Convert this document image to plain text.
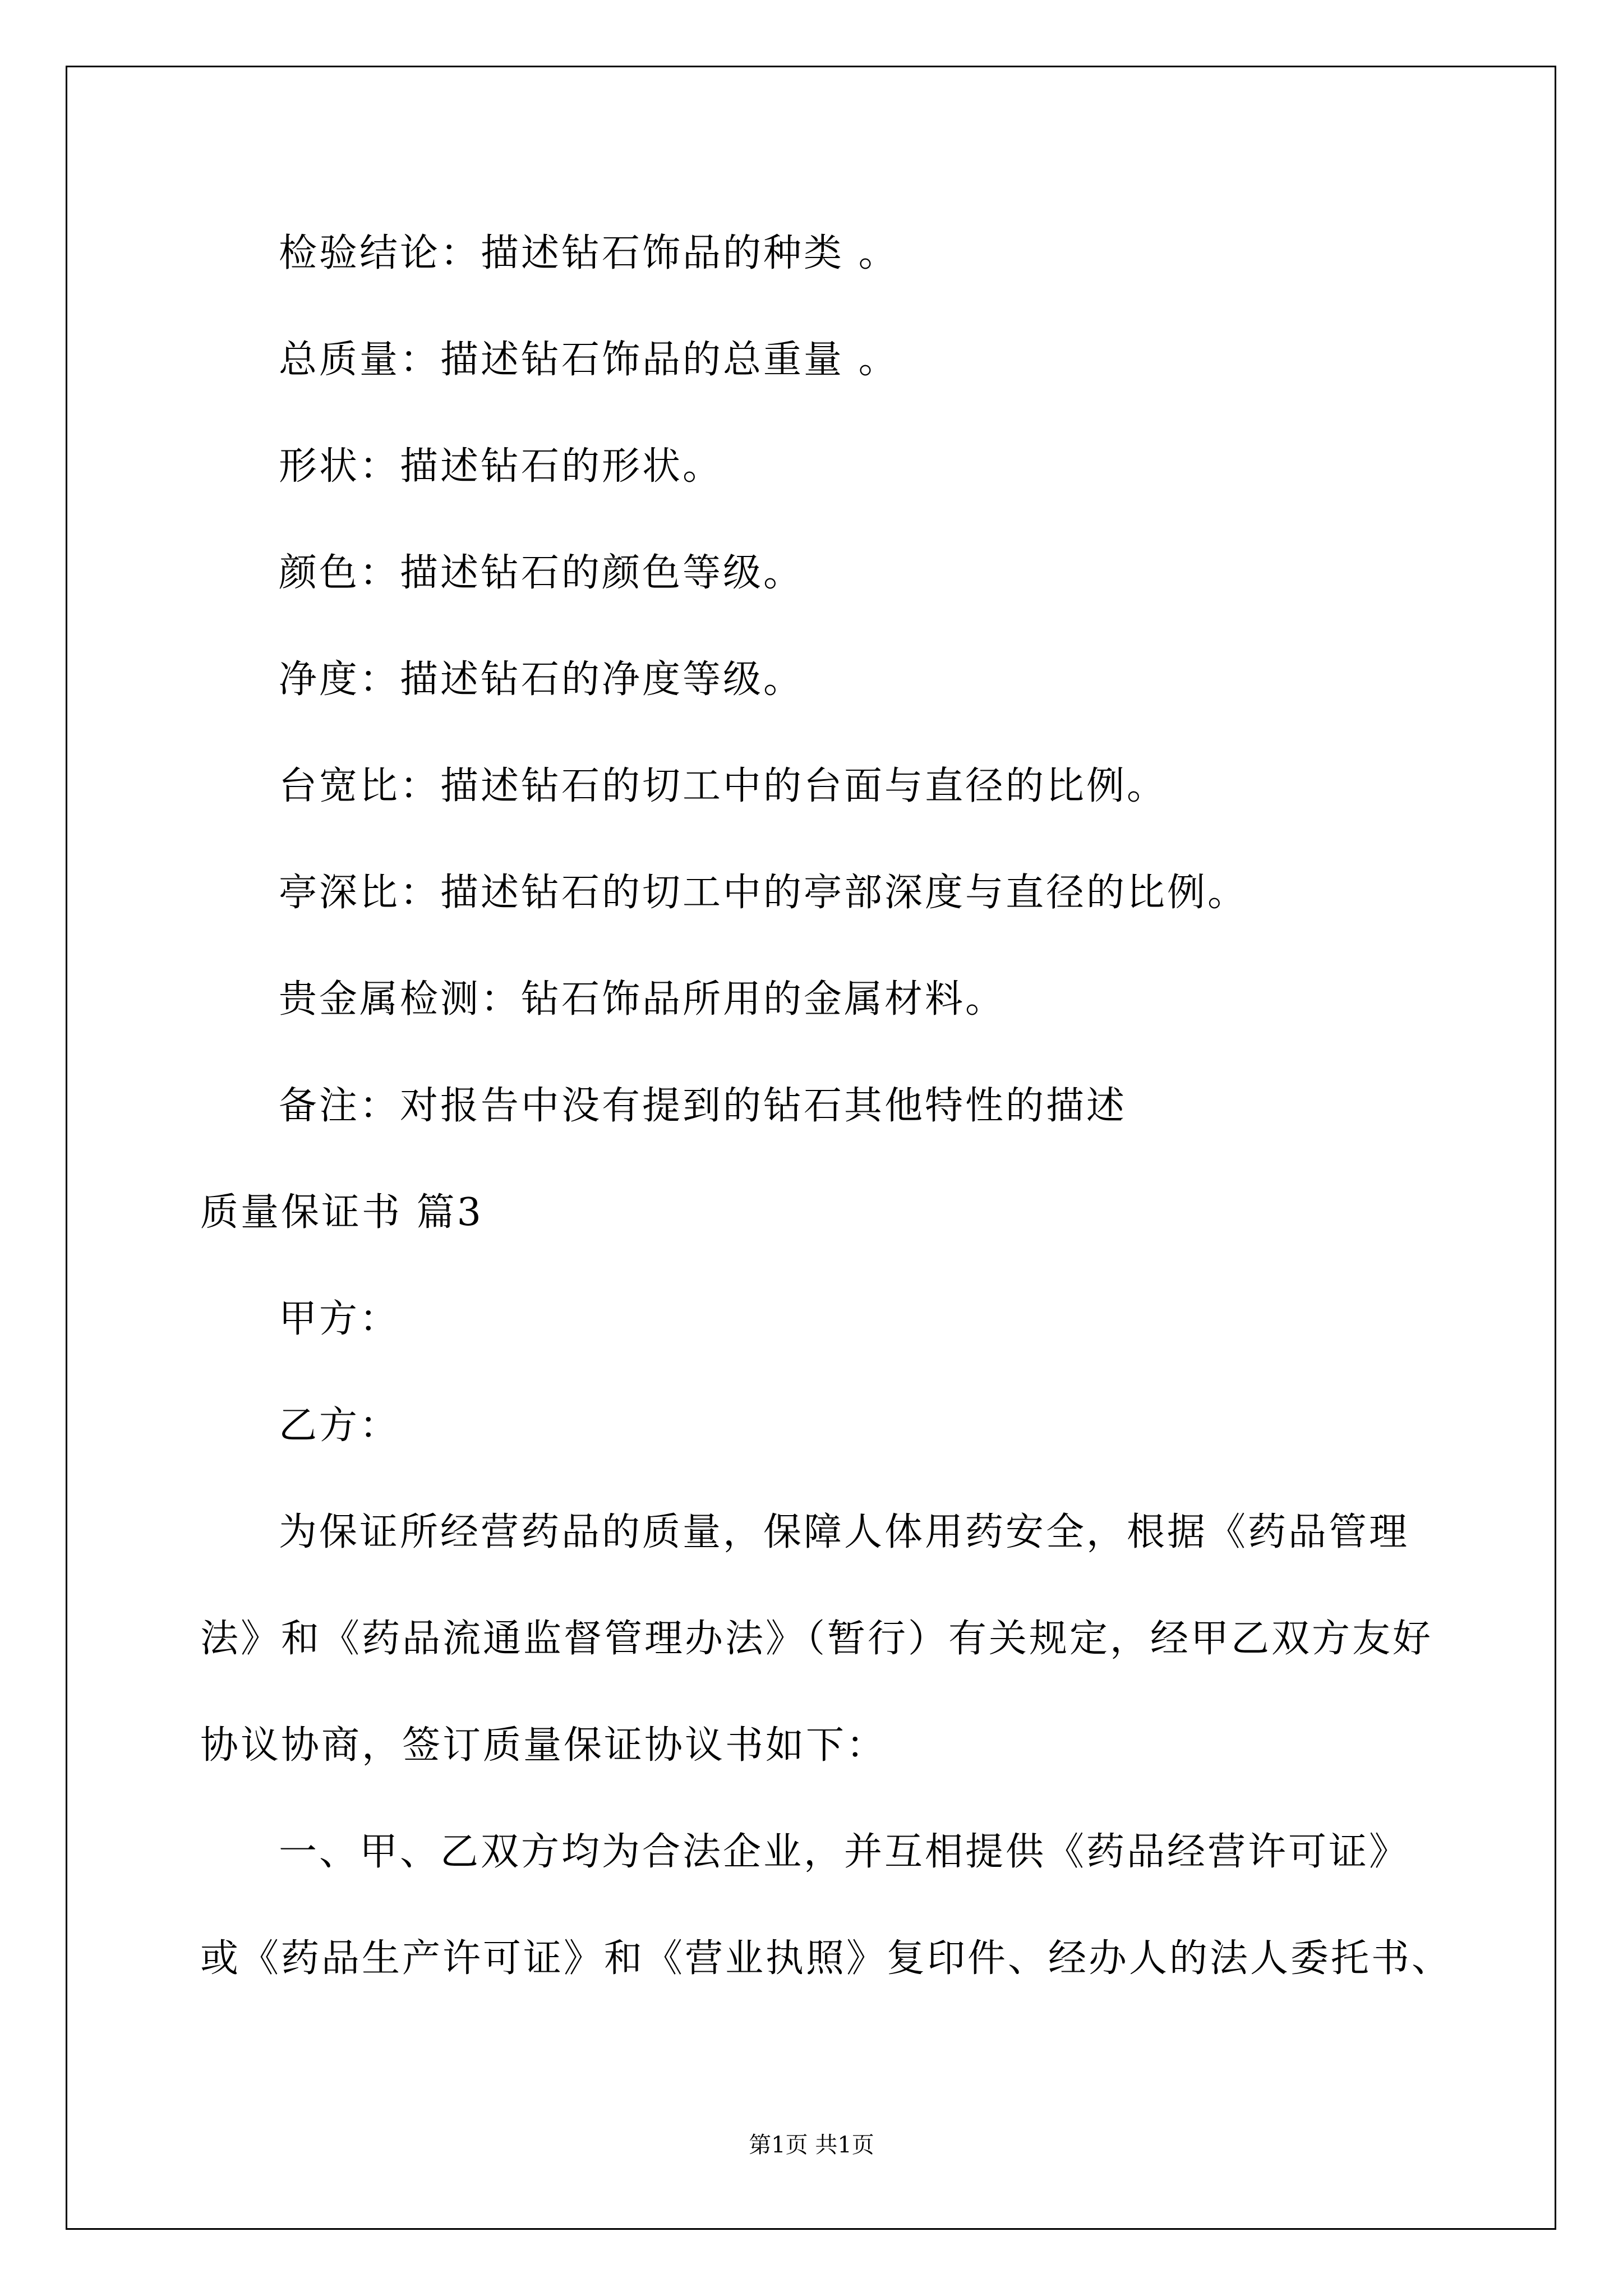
检验结论：描述钻石饰品的种类 。
总质量：描述钻石饰品的总重量 。
形状：描述钻石的形状。
颜色：描述钻石的颜色等级。
净度：描述钻石的净度等级。
台宽比：描述钻石的切工中的台面与直径的比例。
亭深比：描述钻石的切工中的亭部深度与直径的比例。
贵金属检测：钻石饰品所用的金属材料。
备注：对报告中没有提到的钻石其他特性的描述
质量保证书 篇3
甲方：
乙方：
为保证所经营药品的质量，保障人体用药安全，根据《药品管理
法》和《药品流通监督管理办法》（暂行）有关规定，经甲乙双方友好
协议协商，签订质量保证协议书如下：
一、甲、乙双方均为合法企业，并互相提供《药品经营许可证》
或《药品生产许可证》和《营业执照》复印件、经办人的法人委托书、
第1页 共1页
